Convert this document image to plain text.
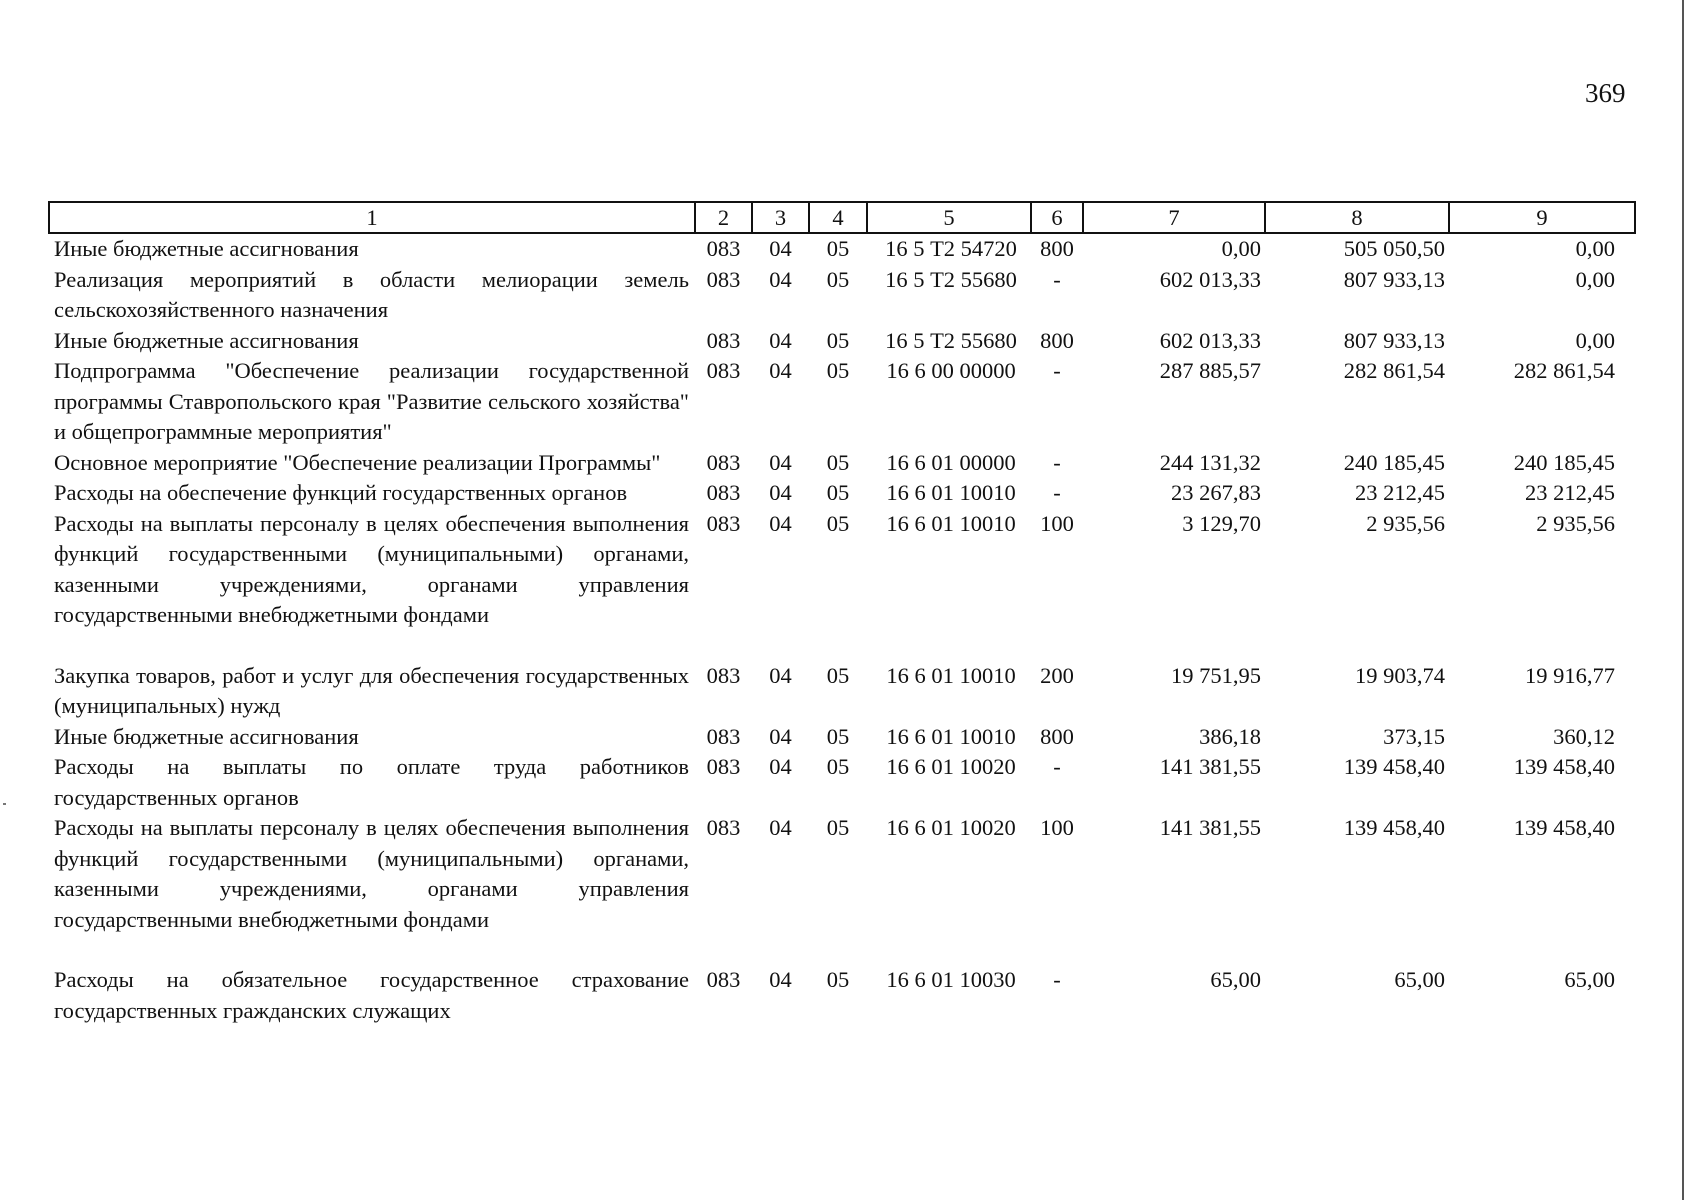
369
1	2	3	4	5	6	7	8	9
Иные бюджетные ассигнования	083	04	05	16 5 Т2 54720	800	0,00	505 050,50	0,00
Реализация мероприятий в области мелиорации земель сельскохозяйственного назначения	083	04	05	16 5 Т2 55680	-	602 013,33	807 933,13	0,00
Иные бюджетные ассигнования	083	04	05	16 5 Т2 55680	800	602 013,33	807 933,13	0,00
Подпрограмма "Обеспечение реализации государственной программы Ставропольского края "Развитие сельского хозяйства" и общепрограммные мероприятия"	083	04	05	16 6 00 00000	-	287 885,57	282 861,54	282 861,54
Основное мероприятие "Обеспечение реализации Программы"	083	04	05	16 6 01 00000	-	244 131,32	240 185,45	240 185,45
Расходы на обеспечение функций государственных органов	083	04	05	16 6 01 10010	-	23 267,83	23 212,45	23 212,45
Расходы на выплаты персоналу в целях обеспечения выполнения функций государственными (муниципальными) органами, казенными учреждениями, органами управления государственными внебюджетными фондами	083	04	05	16 6 01 10010	100	3 129,70	2 935,56	2 935,56
Закупка товаров, работ и услуг для обеспечения государственных (муниципальных) нужд	083	04	05	16 6 01 10010	200	19 751,95	19 903,74	19 916,77
Иные бюджетные ассигнования	083	04	05	16 6 01 10010	800	386,18	373,15	360,12
Расходы на выплаты по оплате труда работников государственных органов	083	04	05	16 6 01 10020	-	141 381,55	139 458,40	139 458,40
Расходы на выплаты персоналу в целях обеспечения выполнения функций государственными (муниципальными) органами, казенными учреждениями, органами управления государственными внебюджетными фондами	083	04	05	16 6 01 10020	100	141 381,55	139 458,40	139 458,40
Расходы на обязательное государственное страхование государственных гражданских служащих	083	04	05	16 6 01 10030	-	65,00	65,00	65,00
